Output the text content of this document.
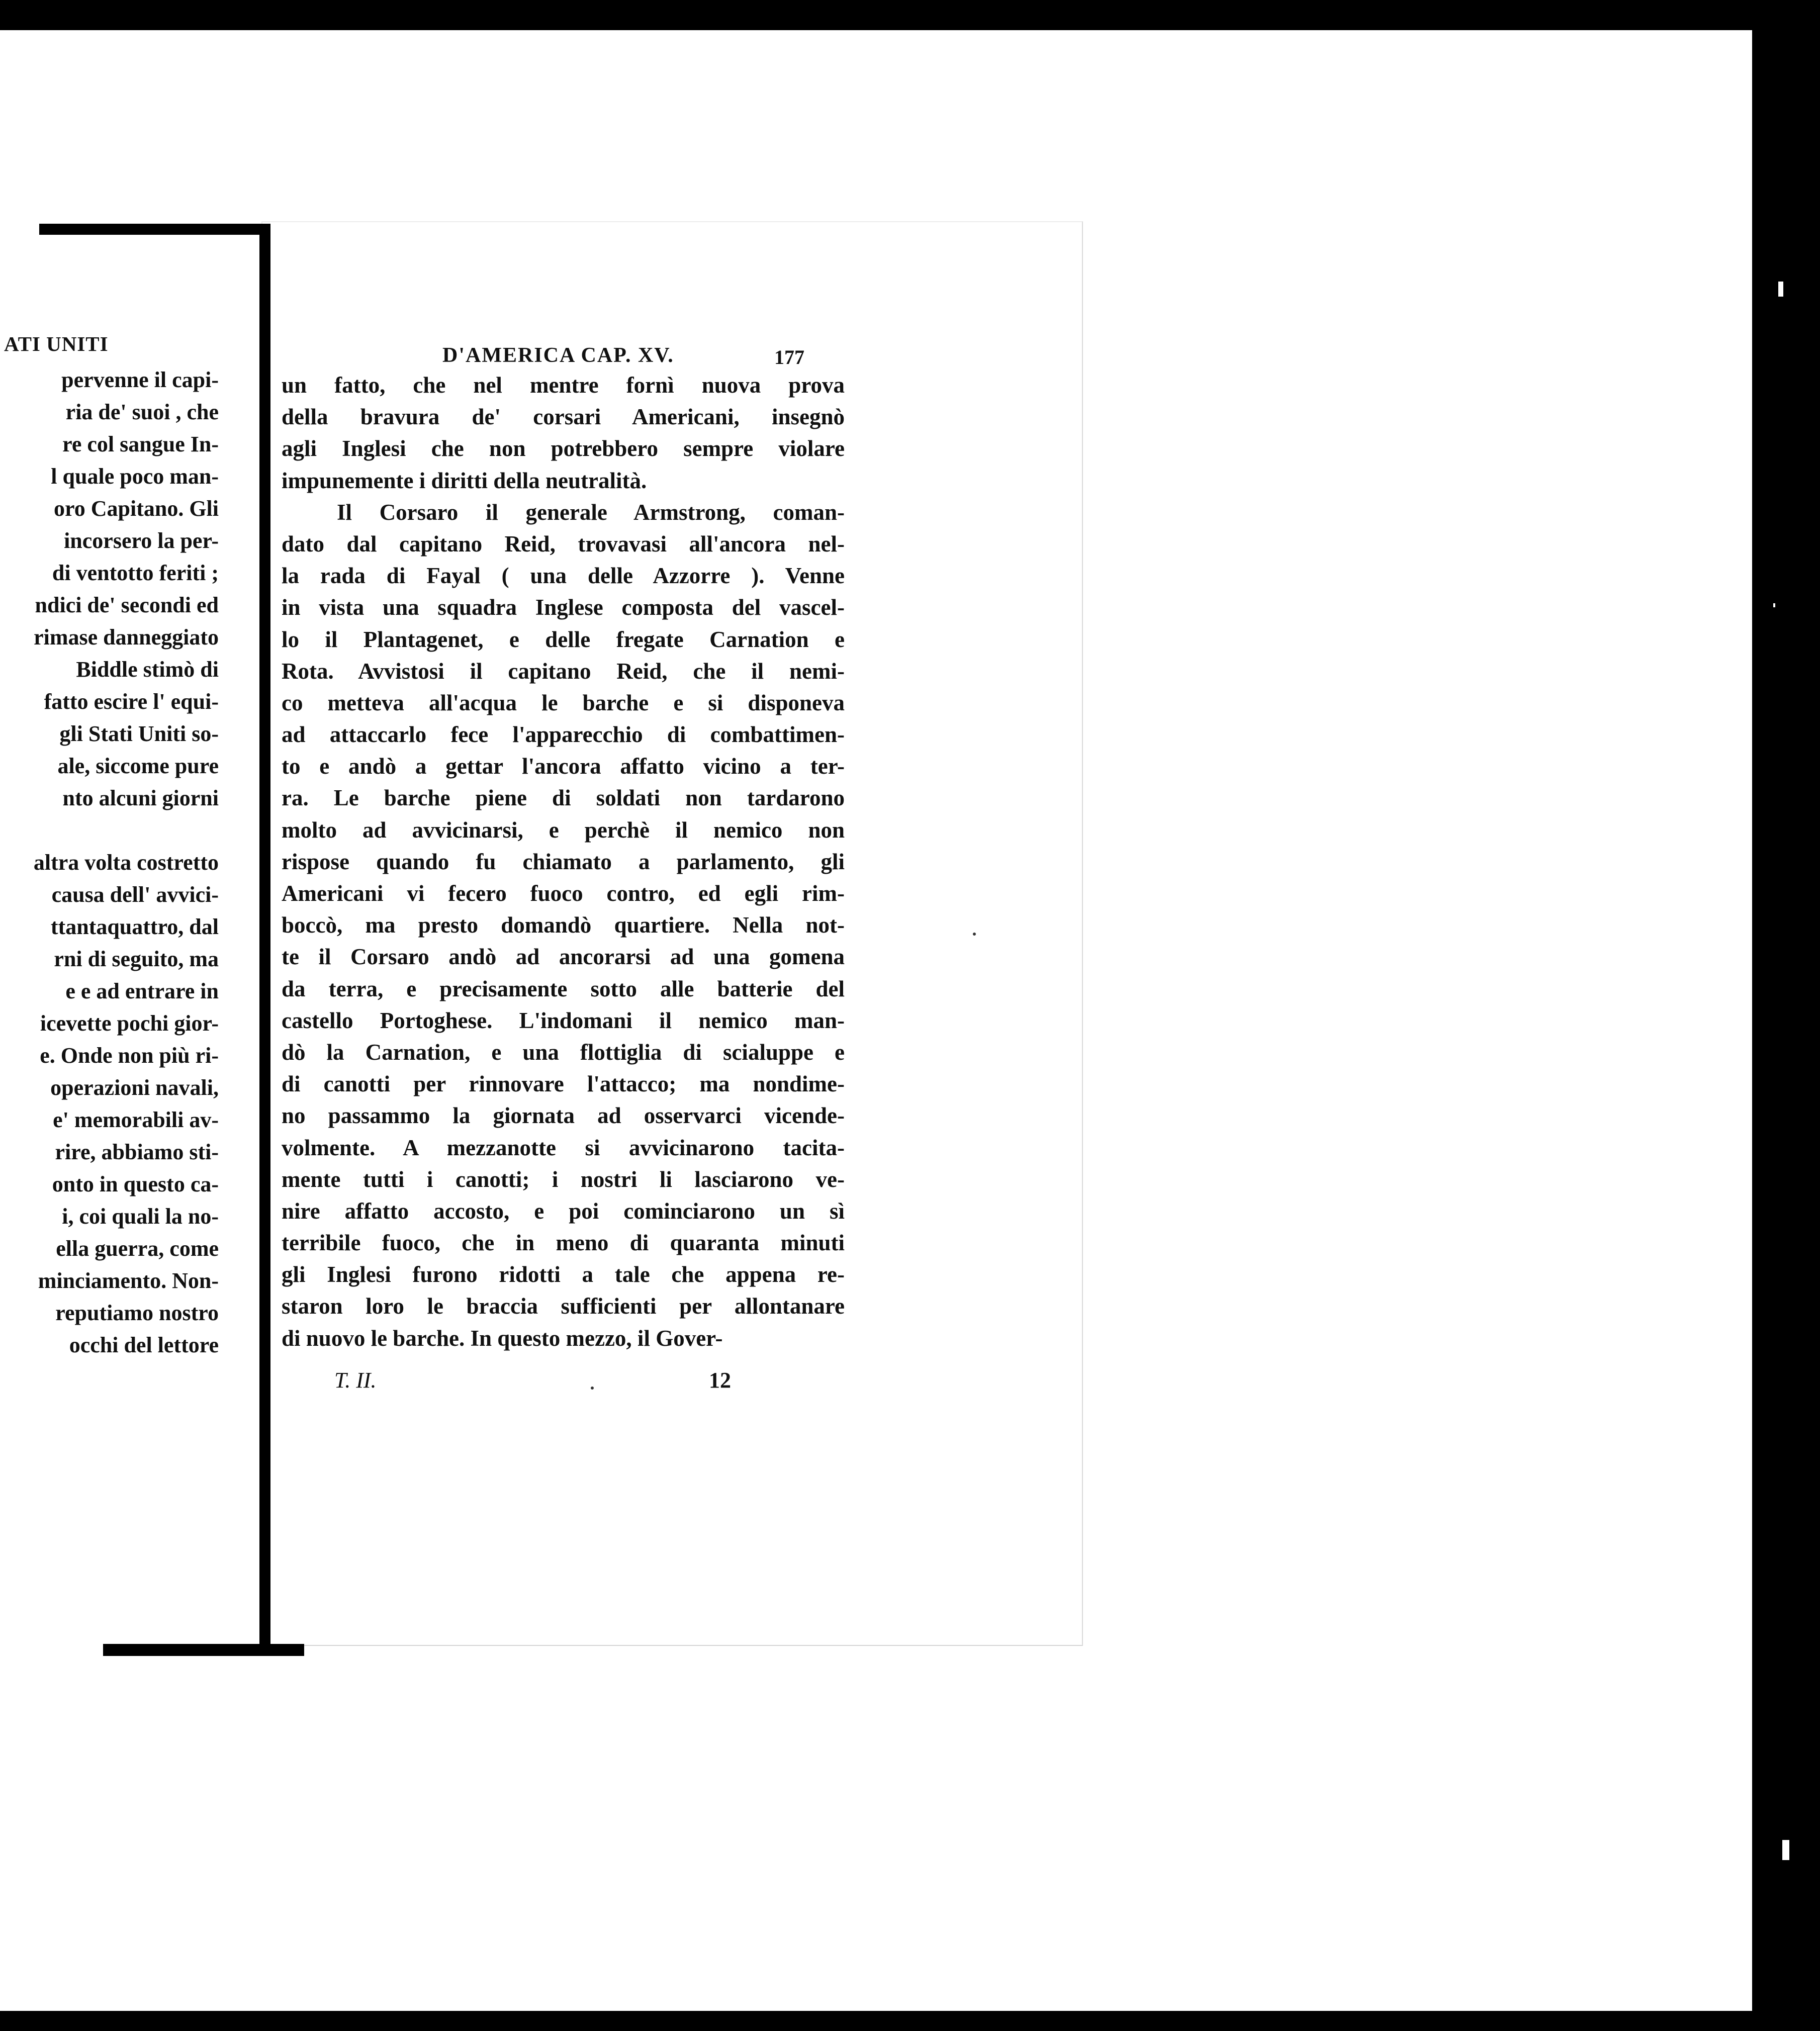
ATI UNITI
pervenne il capi-
ria de' suoi , che
re col sangue In-
l quale poco man-
oro Capitano. Gli
incorsero la per-
di ventotto feriti ;
ndici de' secondi ed
rimase danneggiato
Biddle stimò di
fatto escire l' equi-
gli Stati Uniti so-
ale, siccome pure
nto alcuni giorni
altra volta costretto
causa dell' avvici-
ttantaquattro, dal
rni di seguito, ma
e e ad entrare in
icevette pochi gior-
e. Onde non più ri-
operazioni navali,
e' memorabili av-
rire, abbiamo sti-
onto in questo ca-
i, coi quali la no-
ella guerra, come
minciamento. Non-
reputiamo nostro
occhi del lettore
D'AMERICA CAP. XV.	177
un fatto, che nel mentre fornì nuova prova
della bravura de' corsari Americani, insegnò
agli Inglesi che non potrebbero sempre violare
impunemente i diritti della neutralità.
Il Corsaro il generale Armstrong, coman-
dato dal capitano Reid, trovavasi all'ancora nel-
la rada di Fayal ( una delle Azzorre ). Venne
in vista una squadra Inglese composta del vascel-
lo il Plantagenet, e delle fregate Carnation e
Rota. Avvistosi il capitano Reid, che il nemi-
co metteva all'acqua le barche e si disponeva
ad attaccarlo fece l'apparecchio di combattimen-
to e andò a gettar l'ancora affatto vicino a ter-
ra. Le barche piene di soldati non tardarono
molto ad avvicinarsi, e perchè il nemico non
rispose quando fu chiamato a parlamento, gli
Americani vi fecero fuoco contro, ed egli rim-
boccò, ma presto domandò quartiere. Nella not-
te il Corsaro andò ad ancorarsi ad una gomena
da terra, e precisamente sotto alle batterie del
castello Portoghese. L'indomani il nemico man-
dò la Carnation, e una flottiglia di scialuppe e
di canotti per rinnovare l'attacco; ma nondime-
no passammo la giornata ad osservarci vicende-
volmente. A mezzanotte si avvicinarono tacita-
mente tutti i canotti; i nostri li lasciarono ve-
nire affatto accosto, e poi cominciarono un sì
terribile fuoco, che in meno di quaranta minuti
gli Inglesi furono ridotti a tale che appena re-
staron loro le braccia sufficienti per allontanare
di nuovo le barche. In questo mezzo, il Gover-
T. II.	12
